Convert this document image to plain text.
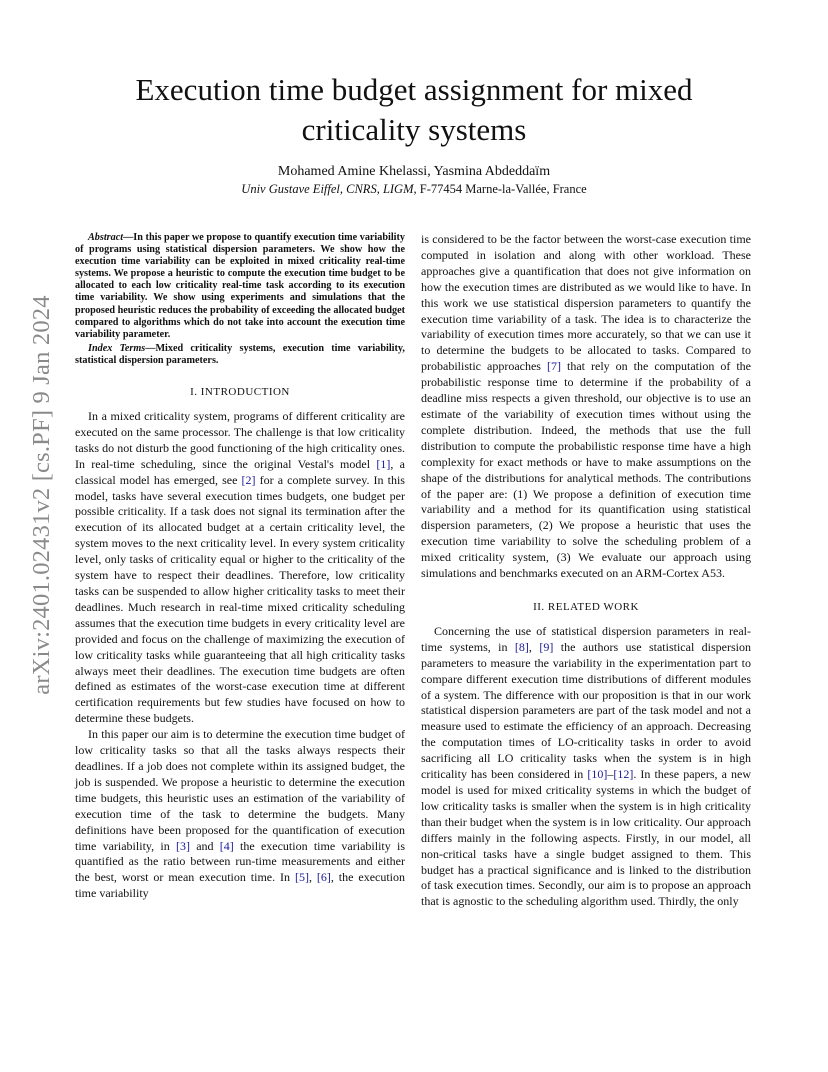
arXiv:2401.02431v2 [cs.PF] 9 Jan 2024
Execution time budget assignment for mixed criticality systems
Mohamed Amine Khelassi, Yasmina Abdeddaïm
Univ Gustave Eiffel, CNRS, LIGM, F-77454 Marne-la-Vallée, France

Abstract—In this paper we propose to quantify execution time variability of programs using statistical dispersion parameters. We show how the execution time variability can be exploited in mixed criticality real-time systems. We propose a heuristic to compute the execution time budget to be allocated to each low criticality real-time task according to its execution time variability. We show using experiments and simulations that the proposed heuristic reduces the probability of exceeding the allocated budget compared to algorithms which do not take into account the execution time variability parameter.

Index Terms—Mixed criticality systems, execution time variability, statistical dispersion parameters.

I. INTRODUCTION

In a mixed criticality system, programs of different criticality are executed on the same processor. The challenge is that low criticality tasks do not disturb the good functioning of the high criticality ones. In real-time scheduling, since the original Vestal's model [1], a classical model has emerged, see [2] for a complete survey. In this model, tasks have several execution times budgets, one budget per possible criticality. If a task does not signal its termination after the execution of its allocated budget at a certain criticality level, the system moves to the next criticality level. In every system criticality level, only tasks of criticality equal or higher to the criticality of the system have to respect their deadlines. Therefore, low criticality tasks can be suspended to allow higher criticality tasks to meet their deadlines. Much research in real-time mixed criticality scheduling assumes that the execution time budgets in every criticality level are provided and focus on the challenge of maximizing the execution of low criticality tasks while guaranteeing that all high criticality tasks always meet their deadlines. The execution time budgets are often defined as estimates of the worst-case execution time at different certification requirements but few studies have focused on how to determine these budgets.

In this paper our aim is to determine the execution time budget of low criticality tasks so that all the tasks always respects their deadlines. If a job does not complete within its assigned budget, the job is suspended. We propose a heuristic to determine the execution time budgets, this heuristic uses an estimation of the variability of execution time of the task to determine the budgets. Many definitions have been proposed for the quantification of execution time variability, in [3] and [4] the execution time variability is quantified as the ratio between run-time measurements and either the best, worst or mean execution time. In [5], [6], the execution time variability

is considered to be the factor between the worst-case execution time computed in isolation and along with other workload. These approaches give a quantification that does not give information on how the execution times are distributed as we would like to have. In this work we use statistical dispersion parameters to quantify the execution time variability of a task. The idea is to characterize the variability of execution times more accurately, so that we can use it to determine the budgets to be allocated to tasks. Compared to probabilistic approaches [7] that rely on the computation of the probabilistic response time to determine if the probability of a deadline miss respects a given threshold, our objective is to use an estimate of the variability of execution times without using the complete distribution. Indeed, the methods that use the full distribution to compute the probabilistic response time have a high complexity for exact methods or have to make assumptions on the shape of the distributions for analytical methods. The contributions of the paper are: (1) We propose a definition of execution time variability and a method for its quantification using statistical dispersion parameters, (2) We propose a heuristic that uses the execution time variability to solve the scheduling problem of a mixed criticality system, (3) We evaluate our approach using simulations and benchmarks executed on an ARM-Cortex A53.

II. RELATED WORK

Concerning the use of statistical dispersion parameters in real-time systems, in [8], [9] the authors use statistical dispersion parameters to measure the variability in the experimentation part to compare different execution time distributions of different modules of a system. The difference with our proposition is that in our work statistical dispersion parameters are part of the task model and not a measure used to estimate the efficiency of an approach. Decreasing the computation times of LO-criticality tasks in order to avoid sacrificing all LO criticality tasks when the system is in high criticality has been considered in [10]–[12]. In these papers, a new model is used for mixed criticality systems in which the budget of low criticality tasks is smaller when the system is in high criticality than their budget when the system is in low criticality. Our approach differs mainly in the following aspects. Firstly, in our model, all non-critical tasks have a single budget assigned to them. This budget has a practical significance and is linked to the distribution of task execution times. Secondly, our aim is to propose an approach that is agnostic to the scheduling algorithm used. Thirdly, the only
